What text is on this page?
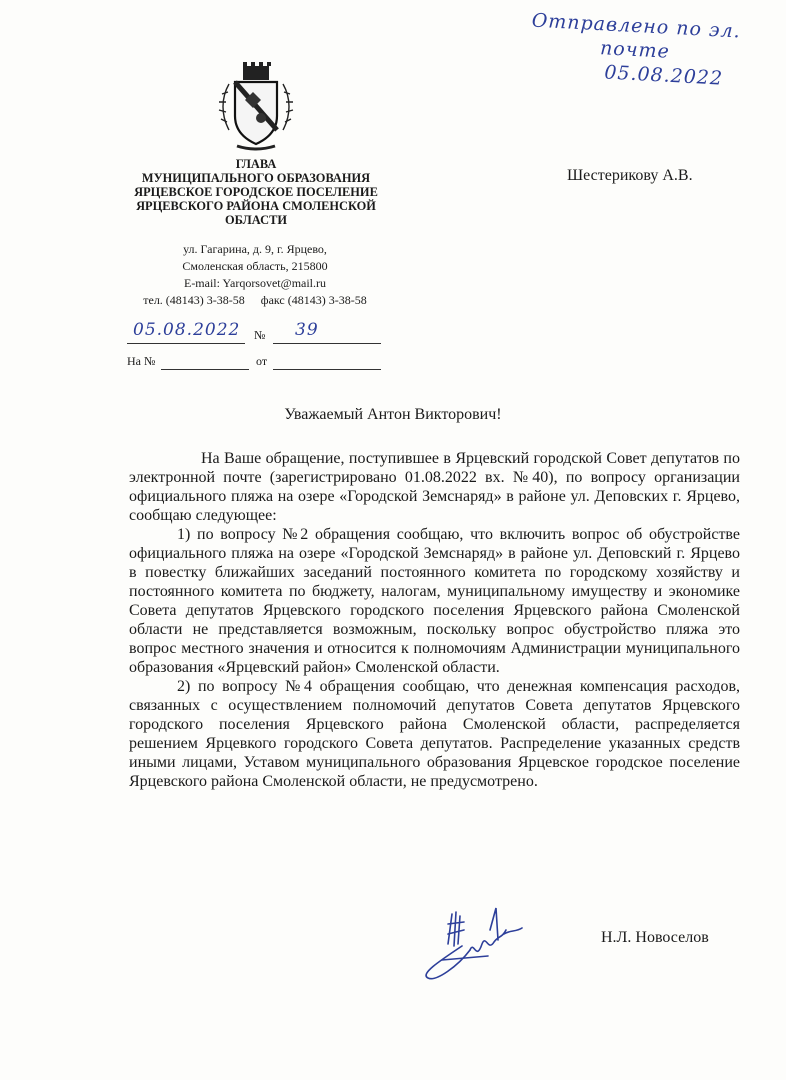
Отправлено по эл. почте
05.08.2022
ГЛАВА
МУНИЦИПАЛЬНОГО ОБРАЗОВАНИЯ
ЯРЦЕВСКОЕ ГОРОДСКОЕ ПОСЕЛЕНИЕ
ЯРЦЕВСКОГО РАЙОНА СМОЛЕНСКОЙ
ОБЛАСТИ
ул. Гагарина, д. 9, г. Ярцево,
Смоленская область, 215800
E-mail: Yarqorsovet@mail.ru
тел. (48143) 3-38-58 факс (48143) 3-38-58
05.08.2022 № 39
На №	от
Шестерикову А.В.
Уважаемый Антон Викторович!

На Ваше обращение, поступившее в Ярцевский городской Совет депутатов по электронной почте (зарегистрировано 01.08.2022 вх. №40), по вопросу организации официального пляжа на озере «Городской Земснаряд» в районе ул. Деповских г. Ярцево, сообщаю следующее:

1) по вопросу №2 обращения сообщаю, что включить вопрос об обустройстве официального пляжа на озере «Городской Земснаряд» в районе ул. Деповский г. Ярцево в повестку ближайших заседаний постоянного комитета по городскому хозяйству и постоянного комитета по бюджету, налогам, муниципальному имуществу и экономике Совета депутатов Ярцевского городского поселения Ярцевского района Смоленской области не представляется возможным, поскольку вопрос обустройство пляжа это вопрос местного значения и относится к полномочиям Администрации муниципального образования «Ярцевский район» Смоленской области.

2) по вопросу №4 обращения сообщаю, что денежная компенсация расходов, связанных с осуществлением полномочий депутатов Совета депутатов Ярцевского городского поселения Ярцевского района Смоленской области, распределяется решением Ярцевкого городского Совета депутатов. Распределение указанных средств иными лицами, Уставом муниципального образования Ярцевское городское поселение Ярцевского района Смоленской области, не предусмотрено.

Н.Л. Новоселов
